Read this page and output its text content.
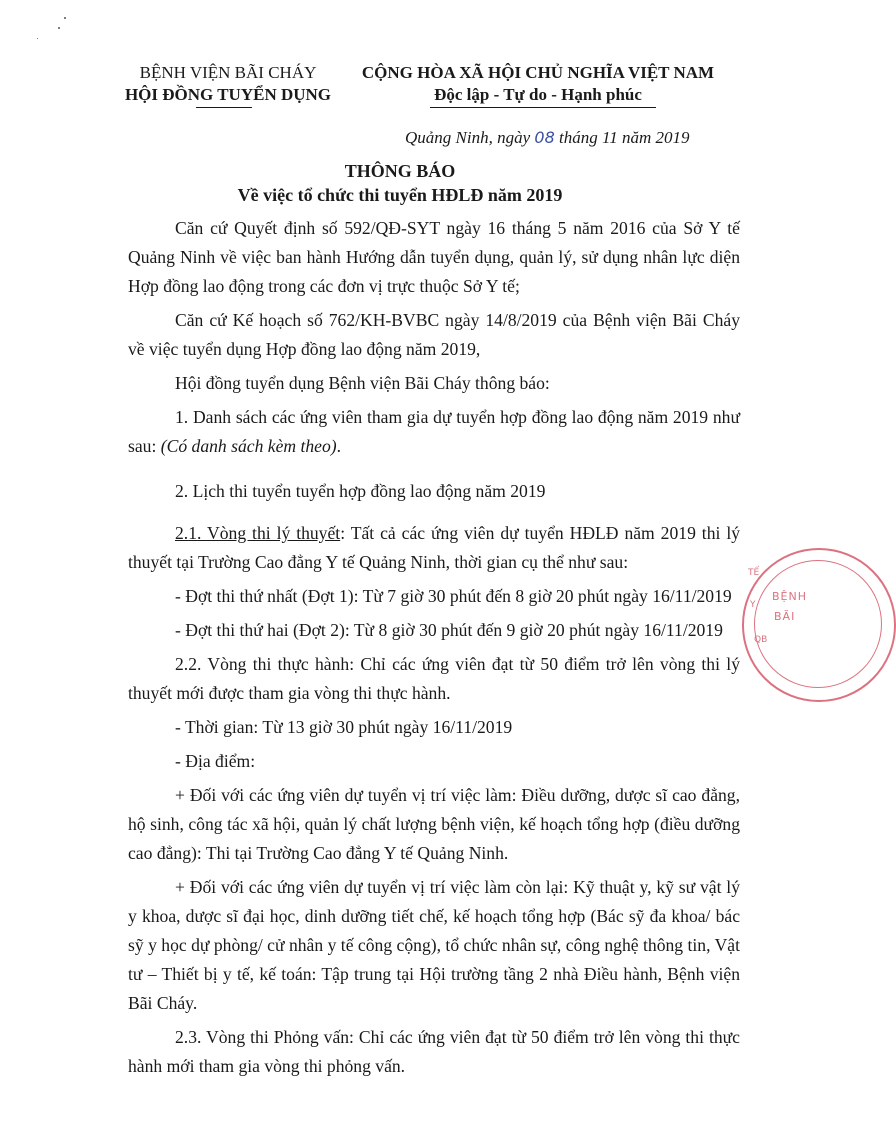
BỆNH VIỆN BÃI CHÁY
HỘI ĐỒNG TUYỂN DỤNG
CỘNG HÒA XÃ HỘI CHỦ NGHĨA VIỆT NAM
Độc lập - Tự do - Hạnh phúc
Quảng Ninh, ngày 08 tháng 11 năm 2019
THÔNG BÁO
Về việc tổ chức thi tuyển HĐLĐ năm 2019

Căn cứ Quyết định số 592/QĐ-SYT ngày 16 tháng 5 năm 2016 của Sở Y tế Quảng Ninh về việc ban hành Hướng dẫn tuyển dụng, quản lý, sử dụng nhân lực diện Hợp đồng lao động trong các đơn vị trực thuộc Sở Y tế;

Căn cứ Kế hoạch số 762/KH-BVBC ngày 14/8/2019 của Bệnh viện Bãi Cháy về việc tuyển dụng Hợp đồng lao động năm 2019,

Hội đồng tuyển dụng Bệnh viện Bãi Cháy thông báo:

1. Danh sách các ứng viên tham gia dự tuyển hợp đồng lao động năm 2019 như sau: (Có danh sách kèm theo).

2. Lịch thi tuyển tuyển hợp đồng lao động năm 2019

2.1. Vòng thi lý thuyết: Tất cả các ứng viên dự tuyển HĐLĐ năm 2019 thi lý thuyết tại Trường Cao đẳng Y tế Quảng Ninh, thời gian cụ thể như sau:

- Đợt thi thứ nhất (Đợt 1): Từ 7 giờ 30 phút đến 8 giờ 20 phút ngày 16/11/2019

- Đợt thi thứ hai (Đợt 2): Từ 8 giờ 30 phút đến 9 giờ 20 phút ngày 16/11/2019

2.2. Vòng thi thực hành: Chỉ các ứng viên đạt từ 50 điểm trở lên vòng thi lý thuyết mới được tham gia vòng thi thực hành.

- Thời gian: Từ 13 giờ 30 phút ngày 16/11/2019

- Địa điểm:

+ Đối với các ứng viên dự tuyển vị trí việc làm: Điều dưỡng, dược sĩ cao đẳng, hộ sinh, công tác xã hội, quản lý chất lượng bệnh viện, kế hoạch tổng hợp (điều dưỡng cao đẳng): Thi tại Trường Cao đẳng Y tế Quảng Ninh.

+ Đối với các ứng viên dự tuyển vị trí việc làm còn lại: Kỹ thuật y, kỹ sư vật lý y khoa, dược sĩ đại học, dinh dưỡng tiết chế, kế hoạch tổng hợp (Bác sỹ đa khoa/ bác sỹ y học dự phòng/ cử nhân y tế công cộng), tổ chức nhân sự, công nghệ thông tin, Vật tư – Thiết bị y tế, kế toán: Tập trung tại Hội trường tầng 2 nhà Điều hành, Bệnh viện Bãi Cháy.

2.3. Vòng thi Phỏng vấn: Chỉ các ứng viên đạt từ 50 điểm trở lên vòng thi thực hành mới tham gia vòng thi phỏng vấn.

TẾ
Y
BỆNH
BÃI
QB
